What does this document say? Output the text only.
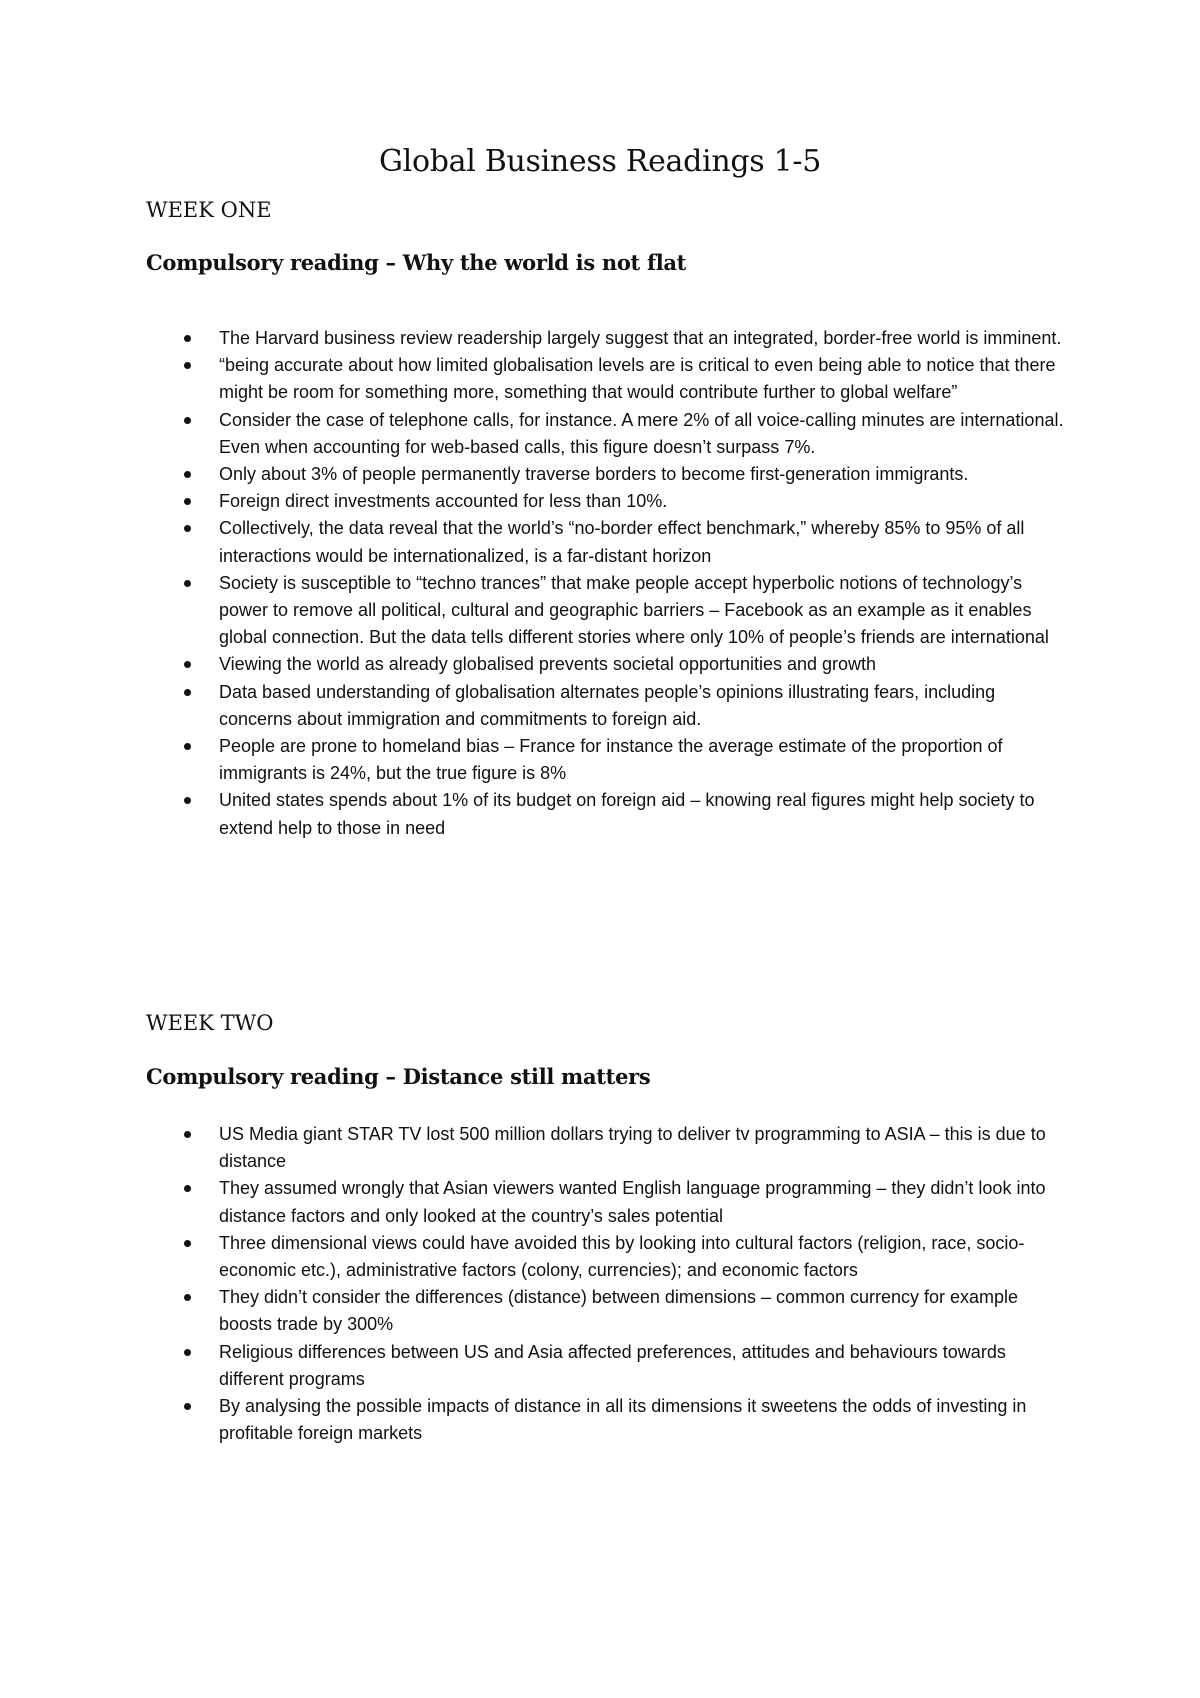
Global Business Readings 1-5
WEEK ONE
Compulsory reading – Why the world is not flat
The Harvard business review readership largely suggest that an integrated, border-free world is imminent.
“being accurate about how limited globalisation levels are is critical to even being able to notice that there might be room for something more, something that would contribute further to global welfare”
Consider the case of telephone calls, for instance. A mere 2% of all voice-calling minutes are international. Even when accounting for web-based calls, this figure doesn’t surpass 7%.
Only about 3% of people permanently traverse borders to become first-generation immigrants.
Foreign direct investments accounted for less than 10%.
Collectively, the data reveal that the world’s “no-border effect benchmark,” whereby 85% to 95% of all interactions would be internationalized, is a far-distant horizon
Society is susceptible to “techno trances” that make people accept hyperbolic notions of technology’s power to remove all political, cultural and geographic barriers – Facebook as an example as it enables global connection. But the data tells different stories where only 10% of people’s friends are international
Viewing the world as already globalised prevents societal opportunities and growth
Data based understanding of globalisation alternates people’s opinions illustrating fears, including concerns about immigration and commitments to foreign aid.
People are prone to homeland bias – France for instance the average estimate of the proportion of immigrants is 24%, but the true figure is 8%
United states spends about 1% of its budget on foreign aid – knowing real figures might help society to extend help to those in need
WEEK TWO
Compulsory reading – Distance still matters
US Media giant STAR TV lost 500 million dollars trying to deliver tv programming to ASIA – this is due to distance
They assumed wrongly that Asian viewers wanted English language programming – they didn’t look into distance factors and only looked at the country’s sales potential
Three dimensional views could have avoided this by looking into cultural factors (religion, race, socio-economic etc.), administrative factors (colony, currencies); and economic factors
They didn’t consider the differences (distance) between dimensions – common currency for example boosts trade by 300%
Religious differences between US and Asia affected preferences, attitudes and behaviours towards different programs
By analysing the possible impacts of distance in all its dimensions it sweetens the odds of investing in profitable foreign markets
